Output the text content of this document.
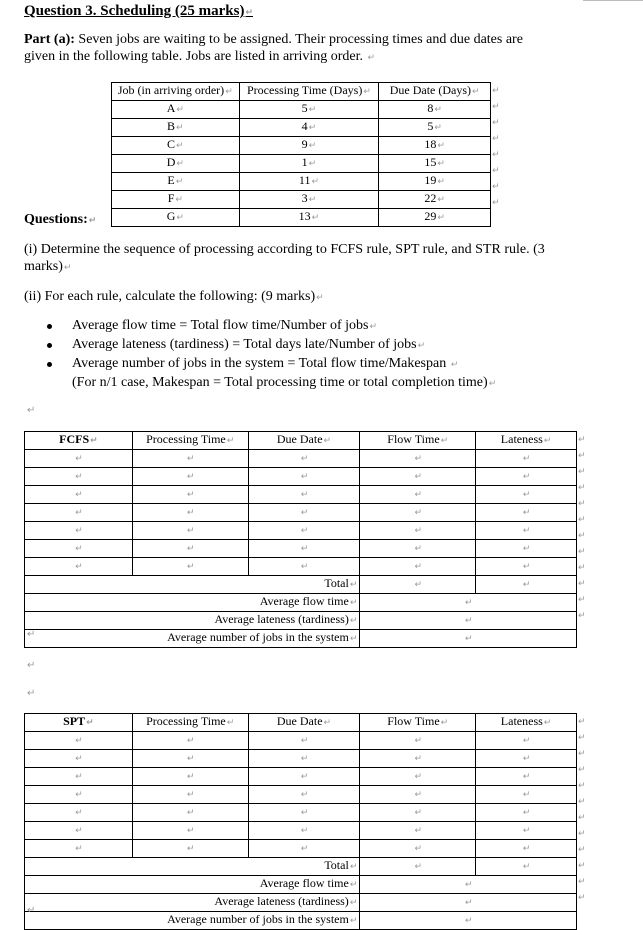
Question 3. Scheduling (25 marks)↵
Part (a): Seven jobs are waiting to be assigned. Their processing times and due dates are
given in the following table. Jobs are listed in arriving order. ↵
Job (in arriving order)↵	Processing Time (Days)↵	Due Date (Days)↵
A↵	5↵	8↵
B↵	4↵	5↵
C↵	9↵	18↵
D↵	1↵	15↵
E↵	11↵	19↵
F↵	3↵	22↵
G↵	13↵	29↵
↵
↵
↵
↵
↵
↵
↵
↵
Questions:↵
(i) Determine the sequence of processing according to FCFS rule, SPT rule, and STR rule. (3
marks)↵
(ii) For each rule, calculate the following: (9 marks)↵
Average flow time = Total flow time/Number of jobs↵
Average lateness (tardiness) = Total days late/Number of jobs↵
Average number of jobs in the system = Total flow time/Makespan ↵
(For n/1 case, Makespan = Total processing time or total completion time)↵
↵
FCFS↵	Processing Time↵	Due Date↵	Flow Time↵	Lateness↵
↵	↵	↵	↵	↵
↵	↵	↵	↵	↵
↵	↵	↵	↵	↵
↵	↵	↵	↵	↵
↵	↵	↵	↵	↵
↵	↵	↵	↵	↵
↵	↵	↵	↵	↵
Total↵			↵	↵
Average flow time↵			↵	
Average lateness (tardiness)↵			↵	
Average number of jobs in the system↵			↵	
↵
↵
↵
↵
↵
↵
↵
↵
↵
↵
↵
↵
↵
↵
↵
SPT↵	Processing Time↵	Due Date↵	Flow Time↵	Lateness↵
↵	↵	↵	↵	↵
↵	↵	↵	↵	↵
↵	↵	↵	↵	↵
↵	↵	↵	↵	↵
↵	↵	↵	↵	↵
↵	↵	↵	↵	↵
↵	↵	↵	↵	↵
Total↵			↵	↵
Average flow time↵			↵	
Average lateness (tardiness)↵			↵	
Average number of jobs in the system↵			↵	
↵
↵
↵
↵
↵
↵
↵
↵
↵
↵
↵
↵
↵
